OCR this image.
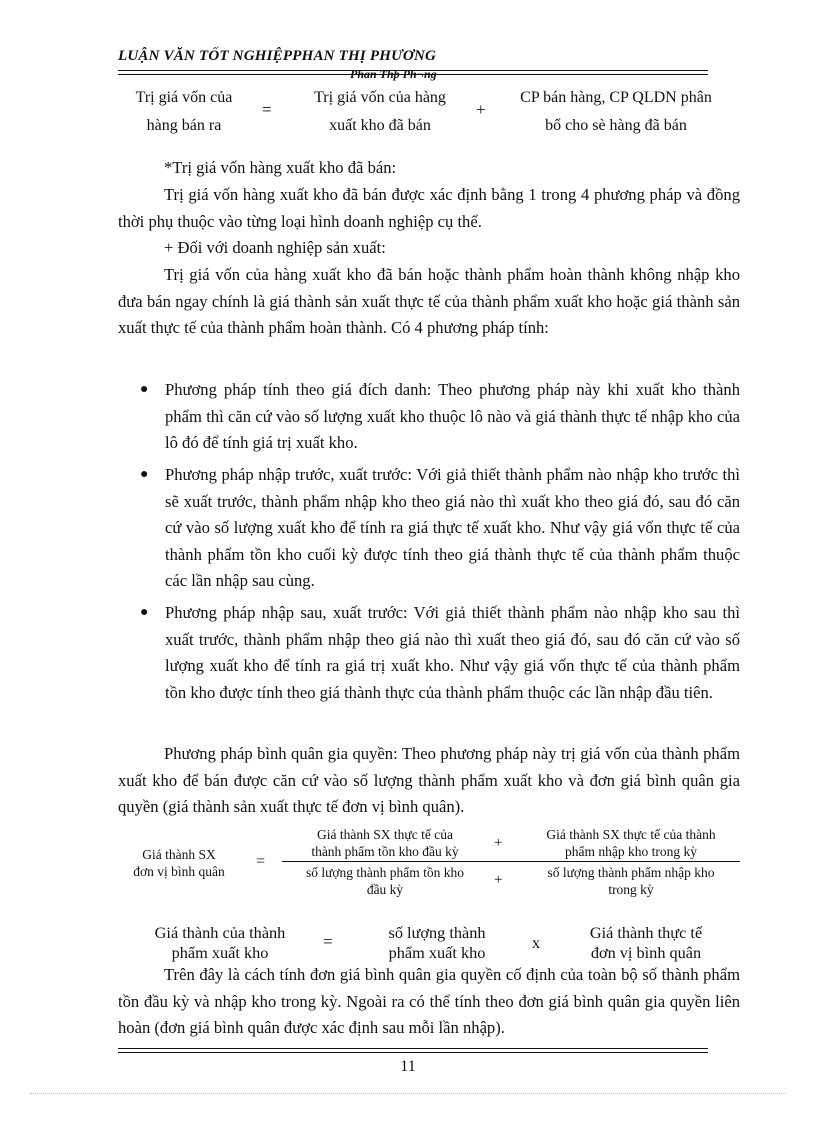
LUẬN VĂN TỐT NGHIỆPPHAN THỊ PHƯƠNG
Phan Thþ Ph¬ng
Trị giá vốn của
hàng bán ra
=
Trị giá vốn của hàng
xuất kho đã bán
+
CP bán hàng, CP QLDN phân
bổ cho sè hàng đã bán
*Trị giá vốn hàng xuất kho đã bán:
Trị giá vốn hàng xuất kho đã bán được xác định bằng 1 trong 4 phương pháp và đồng thời phụ thuộc vào từng loại hình doanh nghiệp cụ thể.
+ Đối với doanh nghiệp sản xuất:
Trị giá vốn của hàng xuất kho đã bán hoặc thành phẩm hoàn thành không nhập kho đưa bán ngay chính là giá thành sản xuất thực tế của thành phẩm xuất kho hoặc giá thành sản xuất thực tế của thành phẩm hoàn thành. Có 4 phương pháp tính:
● Phương pháp tính theo giá đích danh: Theo phương pháp này khi xuất kho thành phẩm thì căn cứ vào số lượng xuất kho thuộc lô nào và giá thành thực tế nhập kho của lô đó để tính giá trị xuất kho.
● Phương pháp nhập trước, xuất trước: Với giả thiết thành phẩm nào nhập kho trước thì sẽ xuất trước, thành phẩm nhập kho theo giá nào thì xuất kho theo giá đó, sau đó căn cứ vào số lượng xuất kho để tính ra giá thực tế xuất kho. Như vậy giá vốn thực tế của thành phẩm tồn kho cuối kỳ được tính theo giá thành thực tế của thành phẩm thuộc các lần nhập sau cùng.
● Phương pháp nhập sau, xuất trước: Với giả thiết thành phẩm nào nhập kho sau thì xuất trước, thành phẩm nhập theo giá nào thì xuất theo giá đó, sau đó căn cứ vào số lượng xuất kho để tính ra giá trị xuất kho. Như vậy giá vốn thực tế của thành phẩm tồn kho được tính theo giá thành thực của thành phẩm thuộc các lần nhập đầu tiên.
Phương pháp bình quân gia quyền: Theo phương pháp này trị giá vốn của thành phẩm xuất kho để bán được căn cứ vào số lượng thành phẩm xuất kho và đơn giá bình quân gia quyền (giá thành sản xuất thực tế đơn vị bình quân).
Giá thành SX
đơn vị bình quân
=
Giá thành SX thực tế của
thành phẩm tồn kho đầu kỳ
+
Giá thành SX thực tế của thành
phẩm nhập kho trong kỳ
số lượng thành phẩm tồn kho
đầu kỳ
+	số lượng thành phẩm nhập kho
trong kỳ
Giá thành của thành
phẩm xuất kho
=	số lượng thành
phẩm xuất kho
x
Giá thành thực tế
đơn vị bình quân
Trên đây là cách tính đơn giá bình quân gia quyền cố định của toàn bộ số thành phẩm tồn đầu kỳ và nhập kho trong kỳ. Ngoài ra có thể tính theo đơn giá bình quân gia quyền liên hoàn (đơn giá bình quân được xác định sau mỗi lần nhập).
11
